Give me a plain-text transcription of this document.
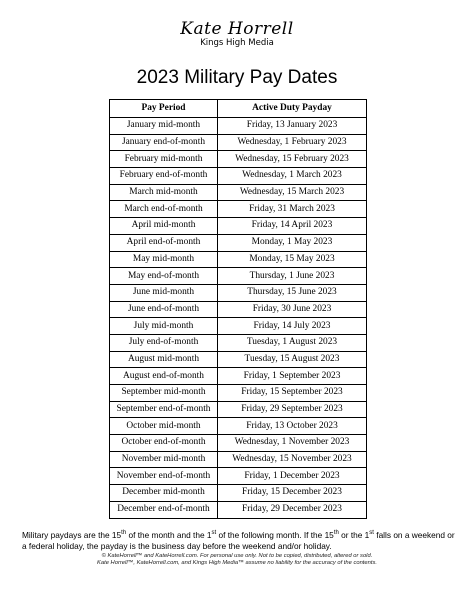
Kate Horrell
Kings High Media
2023 Military Pay Dates
Pay Period	Active Duty Payday
January mid-month	Friday, 13 January 2023
January end-of-month	Wednesday, 1 February 2023
February mid-month	Wednesday, 15 February 2023
February end-of-month	Wednesday, 1 March 2023
March mid-month	Wednesday, 15 March 2023
March end-of-month	Friday, 31 March 2023
April mid-month	Friday, 14 April 2023
April end-of-month	Monday, 1 May 2023
May mid-month	Monday, 15 May 2023
May end-of-month	Thursday, 1 June 2023
June mid-month	Thursday, 15 June 2023
June end-of-month	Friday, 30 June 2023
July mid-month	Friday, 14 July 2023
July end-of-month	Tuesday, 1 August 2023
August mid-month	Tuesday, 15 August 2023
August end-of-month	Friday, 1 September 2023
September mid-month	Friday, 15 September 2023
September end-of-month	Friday, 29 September 2023
October mid-month	Friday, 13 October 2023
October end-of-month	Wednesday, 1 November 2023
November mid-month	Wednesday, 15 November 2023
November end-of-month	Friday, 1 December 2023
December mid-month	Friday, 15 December 2023
December end-of-month	Friday, 29 December 2023
Military paydays are the 15th of the month and the 1st of the following month. If the 15th or the 1st falls on a weekend or a federal holiday, the payday is the business day before the weekend and/or holiday.
© KateHorrell™ and KateHorrell.com. For personal use only. Not to be copied, distributed, altered or sold.
Kate Horrell™, KateHorrell.com, and Kings High Media™ assume no liability for the accuracy of the contents.
